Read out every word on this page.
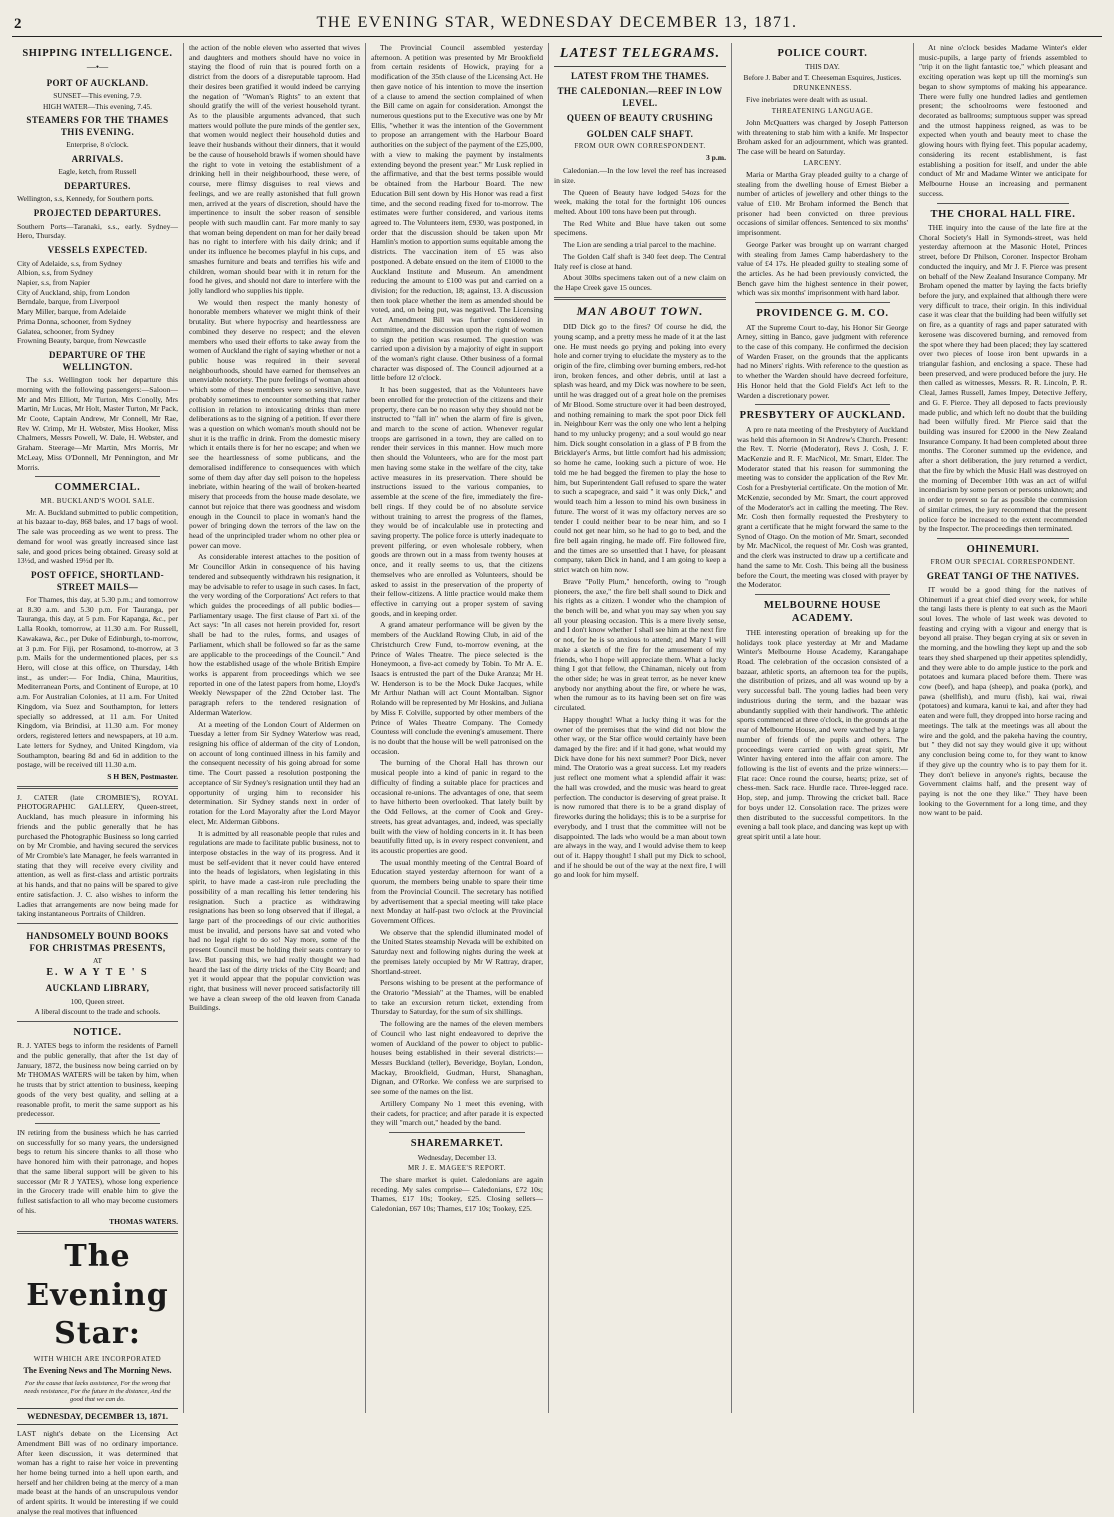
2	THE EVENING STAR, WEDNESDAY DECEMBER 13, 1871.
SHIPPING INTELLIGENCE.
—•—
PORT OF AUCKLAND.
SUNSET—This evening, 7.9.
HIGH WATER—This evening, 7.45.
STEAMERS FOR THE THAMES THIS EVENING.
Enterprise, 8 o'clock.
ARRIVALS.
Eagle, ketch, from Russell
DEPARTURES.

Wellington, s.s, Kennedy, for Southern ports.

PROJECTED DEPARTURES.

Southern Ports—Taranaki, s.s., early. Sydney—Hero, Thursday.

VESSELS EXPECTED.
City of Adelaide, s.s, from Sydney
Albion, s.s, from Sydney
Napier, s.s, from Napier
City of Auckland, ship, from London
Berndale, barque, from Liverpool
Mary Miller, barque, from Adelaide
Prima Donna, schooner, from Sydney
Galatea, schooner, from Sydney
Frowning Beauty, barque, from Newcastle
DEPARTURE OF THE WELLINGTON.

The s.s. Wellington took her departure this morning with the following passengers:—Saloon—Mr and Mrs Elliott, Mr Turton, Mrs Conolly, Mrs Martin, Mr Lucas, Mr Holt, Master Turton, Mr Pack, Mr Coote, Captain Andrew, Mr Connell, Mr Rae, Rev W. Crimp, Mr H. Webster, Miss Hooker, Miss Chalmers, Messrs Powell, W. Dale, H. Webster, and Graham. Steerage—Mr Martin, Mrs Morris, Mr McLeay, Miss O'Donnell, Mr Pennington, and Mr Morris.

COMMERCIAL.
MR. BUCKLAND'S WOOL SALE.

Mr. A. Buckland submitted to public competition, at his bazaar to-day, 868 bales, and 17 bags of wool. The sale was proceeding as we went to press. The demand for wool was greatly increased since last sale, and good prices being obtained. Greasy sold at 13½d, and washed 19½d per lb.

POST OFFICE, SHORTLAND-STREET MAILS—

For Thames, this day, at 5.30 p.m.; and tomorrow at 8.30 a.m. and 5.30 p.m. For Tauranga, per Tauranga, this day, at 5 p.m. For Kapanga, &c., per Lalla Rookh, tomorrow, at 11.30 a.m. For Russell, Kawakawa, &c., per Duke of Edinburgh, to-morrow, at 3 p.m. For Fiji, per Rosamond, to-morrow, at 3 p.m. Mails for the undermentioned places, per s.s Hero, will close at this office, on Thursday, 14th inst., as under:— For India, China, Mauritius, Mediterranean Ports, and Continent of Europe, at 10 a.m. For Australian Colonies, at 11 a.m. For United Kingdom, via Suez and Southampton, for letters specially so addressed, at 11 a.m. For United Kingdom, via Brindisi, at 11.30 a.m. For money orders, registered letters and newspapers, at 10 a.m. Late letters for Sydney, and United Kingdom, via Southampton, bearing 8d and 6d in addition to the postage, will be received till 11.30 a.m.

S H BEN, Postmaster.

J. CATER (late CROMBIE'S), ROYAL PHOTOGRAPHIC GALLERY, Queen-street, Auckland, has much pleasure in informing his friends and the public generally that he has purchased the Photographic Business so long carried on by Mr Crombie, and having secured the services of Mr Crombie's late Manager, he feels warranted in stating that they will receive every civility and attention, as well as first-class and artistic portraits at his hands, and that no pains will be spared to give entire satisfaction. J. C. also wishes to inform the Ladies that arrangements are now being made for taking instantaneous Portraits of Children.

HANDSOMELY BOUND BOOKS FOR CHRISTMAS PRESENTS,
AT
E. W A Y T E ' S
AUCKLAND LIBRARY,
100, Queen street.
A liberal discount to the trade and schools.
NOTICE.

R. J. YATES begs to inform the residents of Parnell and the public generally, that after the 1st day of January, 1872, the business now being carried on by Mr THOMAS WATERS will be taken by him, when he trusts that by strict attention to business, keeping goods of the very best quality, and selling at a reasonable profit, to merit the same support as his predecessor.

IN retiring from the business which he has carried on successfully for so many years, the undersigned begs to return his sincere thanks to all those who have honored him with their patronage, and hopes that the same liberal support will be given to his successor (Mr R J YATES), whose long experience in the Grocery trade will enable him to give the fullest satisfaction to all who may become customers of his.

THOMAS WATERS.
The Evening Star:
WITH WHICH ARE INCORPORATED
The Evening News and The Morning News.
For the cause that lacks assistance, For the wrong that needs resistance, For the future in the distance, And the good that we can do.
WEDNESDAY, DECEMBER 13, 1871.

LAST night's debate on the Licensing Act Amendment Bill was of no ordinary importance. After keen discussion, it was determined that woman has a right to raise her voice in preventing her home being turned into a hell upon earth, and herself and her children being at the mercy of a man made beast at the hands of an unscrupulous vendor of ardent spirits. It would be interesting if we could analyse the real motives that influenced

the action of the noble eleven who asserted that wives and daughters and mothers should have no voice in staying the flood of ruin that is poured forth on a district from the doors of a disreputable taproom. Had their desires been gratified it would indeed be carrying the negation of "Woman's Rights" to an extent that should gratify the will of the veriest household tyrant. As to the plausible arguments advanced, that such matters would pollute the pure minds of the gentler sex, that women would neglect their household duties and leave their husbands without their dinners, that it would be the cause of household brawls if women should have the right to vote in vetoing the establishment of a drinking hell in their neighbourhood, these were, of course, mere flimsy disguises to real views and feelings, and we are really astonished that full grown men, arrived at the years of discretion, should have the impertinence to insult the sober reason of sensible people with such maudlin cant. Far more manly to say that woman being dependent on man for her daily bread has no right to interfere with his daily drink; and if under its influence he becomes playful in his cups, and smashes furniture and beats and terrifies his wife and children, woman should bear with it in return for the food he gives, and should not dare to interfere with the jolly landlord who supplies his tipple.

We would then respect the manly honesty of honorable members whatever we might think of their brutality. But where hypocrisy and heartlessness are combined they deserve no respect; and the eleven members who used their efforts to take away from the women of Auckland the right of saying whether or not a public house was required in their several neighbourhoods, should have earned for themselves an unenviable notoriety. The pure feelings of woman about which some of these members were so sensitive, have probably sometimes to encounter something that rather collision in relation to intoxicating drinks than mere deliberations as to the signing of a petition. If ever there was a question on which woman's mouth should not be shut it is the traffic in drink. From the domestic misery which it entails there is for her no escape; and when we see the heartlessness of some publicans, and the demoralised indifference to consequences with which some of them day after day sell poison to the hopeless inebriate, within hearing of the wail of broken-hearted misery that proceeds from the house made desolate, we cannot but rejoice that there was goodness and wisdom enough in the Council to place in woman's hand the power of bringing down the terrors of the law on the head of the unprincipled trader whom no other plea or power can move.

As considerable interest attaches to the position of Mr Councillor Atkin in consequence of his having tendered and subsequently withdrawn his resignation, it may be advisable to refer to usage in such cases. In fact, the very wording of the Corporations' Act refers to that which guides the proceedings of all public bodies—Parliamentary usage. The first clause of Part xi. of the Act says: "In all cases not herein provided for, resort shall be had to the rules, forms, and usages of Parliament, which shall be followed so far as the same are applicable to the proceedings of the Council." And how the established usage of the whole British Empire works is apparent from proceedings which we see reported in one of the latest papers from home, Lloyd's Weekly Newspaper of the 22nd October last. The paragraph refers to the tendered resignation of Alderman Waterlow.

At a meeting of the London Court of Aldermen on Tuesday a letter from Sir Sydney Waterlow was read, resigning his office of alderman of the city of London, on account of long continued illness in his family and the consequent necessity of his going abroad for some time. The Court passed a resolution postponing the acceptance of Sir Sydney's resignation until they had an opportunity of urging him to reconsider his determination. Sir Sydney stands next in order of rotation for the Lord Mayoralty after the Lord Mayor elect, Mr. Alderman Gibbons.

It is admitted by all reasonable people that rules and regulations are made to facilitate public business, not to interpose obstacles in the way of its progress. And it must be self-evident that it never could have entered into the heads of legislators, when legislating in this spirit, to have made a cast-iron rule precluding the possibility of a man recalling his letter tendering his resignation. Such a practice as withdrawing resignations has been so long observed that if illegal, a large part of the proceedings of our civic authorities must be invalid, and persons have sat and voted who had no legal right to do so! Nay more, some of the present Council must be holding their seats contrary to law. But passing this, we had really thought we had heard the last of the dirty tricks of the City Board; and yet it would appear that the popular conviction was right, that business will never proceed satisfactorily till we have a clean sweep of the old leaven from Canada Buildings.

The Provincial Council assembled yesterday afternoon. A petition was presented by Mr Brookfield from certain residents of Howick, praying for a modification of the 35th clause of the Licensing Act. He then gave notice of his intention to move the insertion of a clause to amend the section complained of when the Bill came on again for consideration. Amongst the numerous questions put to the Executive was one by Mr Ellis, "whether it was the intention of the Government to propose an arrangement with the Harbour Board authorities on the subject of the payment of the £25,000, with a view to making the payment by instalments extending beyond the present year." Mr Lusk replied in the affirmative, and that the best terms possible would be obtained from the Harbour Board. The new Education Bill sent down by His Honor was read a first time, and the second reading fixed for to-morrow. The estimates were further considered, and various items agreed to. The Volunteers item, £930, was postponed, in order that the discussion should be taken upon Mr Hamlin's motion to apportion sums equitable among the districts. The vaccination item of £5 was also postponed. A debate ensued on the item of £1000 to the Auckland Institute and Museum. An amendment reducing the amount to £100 was put and carried on a division; for the reduction, 18; against, 13. A discussion then took place whether the item as amended should be voted, and, on being put, was negatived. The Licensing Act Amendment Bill was further considered in committee, and the discussion upon the right of women to sign the petition was resumed. The question was carried upon a division by a majority of eight in support of the woman's right clause. Other business of a formal character was disposed of. The Council adjourned at a little before 12 o'clock.

It has been suggested, that as the Volunteers have been enrolled for the protection of the citizens and their property, there can be no reason why they should not be instructed to "fall in" when the alarm of fire is given, and march to the scene of action. Whenever regular troops are garrisoned in a town, they are called on to render their services in this manner. How much more then should the Volunteers, who are for the most part men having some stake in the welfare of the city, take active measures in its preservation. There should be instructions issued to the various companies, to assemble at the scene of the fire, immediately the fire-bell rings. If they could be of no absolute service without training to arrest the progress of the flames, they would be of incalculable use in protecting and saving property. The police force is utterly inadequate to prevent pilfering, or even wholesale robbery, when goods are thrown out in a mass from twenty houses at once, and it really seems to us, that the citizens themselves who are enrolled as Volunteers, should be asked to assist in the preservation of the property of their fellow-citizens. A little practice would make them effective in carrying out a proper system of saving goods, and in keeping order.

A grand amateur performance will be given by the members of the Auckland Rowing Club, in aid of the Christchurch Crew Fund, to-morrow evening, at the Prince of Wales Theatre. The piece selected is the Honeymoon, a five-act comedy by Tobin. To Mr A. E. Isaacs is entrusted the part of the Duke Aranza; Mr H. W. Henderson is to be the Mock Duke Jacques, while Mr Arthur Nathan will act Count Montalban. Signor Rolando will be represented by Mr Hoskins, and Juliana by Miss F. Colville, supported by other members of the Prince of Wales Theatre Company. The Comedy Countess will conclude the evening's amusement. There is no doubt that the house will be well patronised on the occasion.

The burning of the Choral Hall has thrown our musical people into a kind of panic in regard to the difficulty of finding a suitable place for practices and occasional re-unions. The advantages of one, that seem to have hitherto been overlooked. That lately built by the Odd Fellows, at the corner of Cook and Grey-streets, has great advantages, and, indeed, was specially built with the view of holding concerts in it. It has been beautifully fitted up, is in every respect convenient, and its acoustic properties are good.

The usual monthly meeting of the Central Board of Education stayed yesterday afternoon for want of a quorum, the members being unable to spare their time from the Provincial Council. The secretary has notified by advertisement that a special meeting will take place next Monday at half-past two o'clock at the Provincial Government Offices.

We observe that the splendid illuminated model of the United States steamship Nevada will be exhibited on Saturday next and following nights during the week at the premises lately occupied by Mr W Rattray, draper, Shortland-street.

Persons wishing to be present at the performance of the Oratorio "Messiah" at the Thames, will be enabled to take an excursion return ticket, extending from Thursday to Saturday, for the sum of six shillings.

The following are the names of the eleven members of Council who last night endeavored to deprive the women of Auckland of the power to object to public-houses being established in their several districts:—Messrs Buckland (teller), Beveridge, Boylan, London, Mackay, Brookfield, Gudman, Hurst, Shanaghan, Dignan, and O'Rorke. We confess we are surprised to see some of the names on the list.

Artillery Company No 1 meet this evening, with their cadets, for practice; and after parade it is expected they will "march out," headed by the band.

SHAREMARKET.
Wednesday, December 13.
MR J. E. MAGEE'S REPORT.

The share market is quiet. Caledonians are again receding. My sales comprise— Caledonians, £72 10s; Thames, £17 10s; Tookey, £25. Closing sellers—Caledonian, £67 10s; Thames, £17 10s; Tookey, £25.

LATEST TELEGRAMS.
LATEST FROM THE THAMES.
THE CALEDONIAN.—REEF IN LOW LEVEL.
QUEEN OF BEAUTY CRUSHING
GOLDEN CALF SHAFT.
FROM OUR OWN CORRESPONDENT.
3 p.m.

Caledonian.—In the low level the reef has increased in size.

The Queen of Beauty have lodged 54ozs for the week, making the total for the fortnight 106 ounces melted. About 100 tons have been put through.

The Red White and Blue have taken out some specimens.

The Lion are sending a trial parcel to the machine.

The Golden Calf shaft is 340 feet deep. The Central Italy reef is close at hand.

About 30lbs specimens taken out of a new claim on the Hape Creek gave 15 ounces.

MAN ABOUT TOWN.

DID Dick go to the fires? Of course he did, the young scamp, and a pretty mess he made of it at the last one. He must needs go prying and poking into every hole and corner trying to elucidate the mystery as to the origin of the fire, climbing over burning embers, red-hot iron, broken fences, and other debris, until at last a splash was heard, and my Dick was nowhere to be seen, until he was dragged out of a great hole on the premises of Mr Blood. Some structure over it had been destroyed, and nothing remaining to mark the spot poor Dick fell in. Neighbour Kerr was the only one who lent a helping hand to my unlucky progeny; and a soul would go near him. Dick sought consolation in a glass of P B from the Bricklayer's Arms, but little comfort had his admission; so home he came, looking such a picture of woe. He told me he had begged the firemen to play the hose to him, but Superintendent Gall refused to spare the water to such a scapegrace, and said " it was only Dick," and would teach him a lesson to mind his own business in future. The worst of it was my olfactory nerves are so tender I could neither bear to be near him, and so I could not get near him, so he had to go to bed, and the fire bell again ringing, he made off. Fire followed fire, and the times are so unsettled that I have, for pleasant company, taken Dick in hand, and I am going to keep a strict watch on him now.

Brave "Polly Plum," henceforth, owing to "rough pioneers, the axe," the fire bell shall sound to Dick and his rights as a citizen. I wonder who the champion of the bench will be, and what you may say when you say all your pleasing occasion. This is a mere lively sense, and I don't know whether I shall see him at the next fire or not, for he is so anxious to attend; and Mary I will make a sketch of the fire for the amusement of my friends, who I hope will appreciate them. What a lucky thing I got that fellow, the Chinaman, nicely out from the other side; he was in great terror, as he never knew anybody nor anything about the fire, or where he was, when the rumour as to its having been set on fire was circulated.

Happy thought! What a lucky thing it was for the owner of the premises that the wind did not blow the other way, or the Star office would certainly have been damaged by the fire: and if it had gone, what would my Dick have done for his next summer? Poor Dick, never mind. The Oratorio was a great success. Let my readers just reflect one moment what a splendid affair it was: the hall was crowded, and the music was heard to great perfection. The conductor is deserving of great praise. It is now rumored that there is to be a grand display of fireworks during the holidays; this is to be a surprise for everybody, and I trust that the committee will not be disappointed. The lads who would be a man about town are always in the way, and I would advise them to keep out of it. Happy thought! I shall put my Dick to school, and if he should be out of the way at the next fire, I will go and look for him myself.

POLICE COURT.
THIS DAY.
Before J. Baber and T. Cheeseman Esquires, Justices.
DRUNKENNESS.

Five inebriates were dealt with as usual.

THREATENING LANGUAGE.

John McQuatters was charged by Joseph Patterson with threatening to stab him with a knife. Mr Inspector Broham asked for an adjournment, which was granted. The case will be heard on Saturday.

LARCENY.

Maria or Martha Gray pleaded guilty to a charge of stealing from the dwelling house of Ernest Bieber a number of articles of jewellery and other things to the value of £10. Mr Broham informed the Bench that prisoner had been convicted on three previous occasions of similar offences. Sentenced to six months' imprisonment.

George Parker was brought up on warrant charged with stealing from James Camp haberdashery to the value of £4 17s. He pleaded guilty to stealing some of the articles. As he had been previously convicted, the Bench gave him the highest sentence in their power, which was six months' imprisonment with hard labor.

PROVIDENCE G. M. CO.

AT the Supreme Court to-day, his Honor Sir George Arney, sitting in Banco, gave judgment with reference to the case of this company. He confirmed the decision of Warden Fraser, on the grounds that the applicants had no Miners' rights. With reference to the question as to whether the Warden should have decreed forfeiture, His Honor held that the Gold Field's Act left to the Warden a discretionary power.

PRESBYTERY OF AUCKLAND.

A pro re nata meeting of the Presbytery of Auckland was held this afternoon in St Andrew's Church. Present: the Rev. T. Norrie (Moderator), Revs J. Cosh, J. F. MacKenzie and R. F. MacNicol, Mr. Smart, Elder. The Moderator stated that his reason for summoning the meeting was to consider the application of the Rev Mr. Cosh for a Presbyterial certificate. On the motion of Mr. McKenzie, seconded by Mr. Smart, the court approved of the Moderator's act in calling the meeting. The Rev. Mr. Cosh then formally requested the Presbytery to grant a certificate that he might forward the same to the Synod of Otago. On the motion of Mr. Smart, seconded by Mr. MacNicol, the request of Mr. Cosh was granted, and the clerk was instructed to draw up a certificate and hand the same to Mr. Cosh. This being all the business before the Court, the meeting was closed with prayer by the Moderator.

MELBOURNE HOUSE ACADEMY.

THE interesting operation of breaking up for the holidays took place yesterday at Mr and Madame Winter's Melbourne House Academy, Karangahape Road. The celebration of the occasion consisted of a bazaar, athletic sports, an afternoon tea for the pupils, the distribution of prizes, and all was wound up by a very successful ball. The young ladies had been very industrious during the term, and the bazaar was abundantly supplied with their handiwork. The athletic sports commenced at three o'clock, in the grounds at the rear of Melbourne House, and were watched by a large number of friends of the pupils and others. The proceedings were carried on with great spirit, Mr Winter having entered into the affair con amore. The following is the list of events and the prize winners:—Flat race: Once round the course, hearts; prize, set of chess-men. Sack race. Hurdle race. Three-legged race. Hop, step, and jump. Throwing the cricket ball. Race for boys under 12. Consolation race. The prizes were then distributed to the successful competitors. In the evening a ball took place, and dancing was kept up with great spirit until a late hour.

At nine o'clock besides Madame Winter's elder music-pupils, a large party of friends assembled to "trip it on the light fantastic toe," which pleasant and exciting operation was kept up till the morning's sun began to show symptoms of making his appearance. There were fully one hundred ladies and gentlemen present; the schoolrooms were festooned and decorated as ballrooms; sumptuous supper was spread and the utmost happiness reigned, as was to be expected when youth and beauty meet to chase the glowing hours with flying feet. This popular academy, considering its recent establishment, is fast establishing a position for itself, and under the able conduct of Mr and Madame Winter we anticipate for Melbourne House an increasing and permanent success.

THE CHORAL HALL FIRE.

THE inquiry into the cause of the late fire at the Choral Society's Hall in Symonds-street, was held yesterday afternoon at the Masonic Hotel, Princes street, before Dr Philson, Coroner. Inspector Broham conducted the inquiry, and Mr J. F. Pierce was present on behalf of the New Zealand Insurance Company. Mr Broham opened the matter by laying the facts briefly before the jury, and explained that although there were very difficult to trace, their origin. In this individual case it was clear that the building had been wilfully set on fire, as a quantity of rags and paper saturated with kerosene was discovered burning, and removed from the spot where they had been placed; they lay scattered over two pieces of loose iron bent upwards in a triangular fashion, and enclosing a space. These had been preserved, and were produced before the jury. He then called as witnesses, Messrs. R. R. Lincoln, P. R. Cleal, James Russell, James Impey, Detective Jeffery, and G. F. Pierce. They all deposed to facts previously made public, and which left no doubt that the building had been wilfully fired. Mr Pierce said that the building was insured for £2000 in the New Zealand Insurance Company. It had been completed about three months. The Coroner summed up the evidence, and after a short deliberation, the jury returned a verdict, that the fire by which the Music Hall was destroyed on the morning of December 10th was an act of wilful incendiarism by some person or persons unknown; and in order to prevent so far as possible the commission of similar crimes, the jury recommend that the present police force be increased to the extent recommended by the Inspector. The proceedings then terminated.

OHINEMURI.
FROM OUR SPECIAL CORRESPONDENT.
GREAT TANGI OF THE NATIVES.

IT would be a good thing for the natives of Ohinemuri if a great chief died every week, for while the tangi lasts there is plenty to eat such as the Maori soul loves. The whole of last week was devoted to feasting and crying with a vigour and energy that is beyond all praise. They began crying at six or seven in the morning, and the howling they kept up and the sob tears they shed sharpened up their appetites splendidly, and they were able to do ample justice to the pork and potatoes and kumara placed before them. There was cow (beef), and hapa (sheep), and poaka (pork), and pawa (shellfish), and muru (fish), kai wai, riwai (potatoes) and kumara, kanui te kai, and after they had eaten and were full, they dropped into horse racing and meetings. The talk at the meetings was all about the wire and the gold, and the pakeha having the country, but " they did not say they would give it up; without any conclusion being come to, for they want to know if they give up the country who is to pay them for it. They don't believe in anyone's rights, because the Government claims half, and the present way of paying is not the one they like." They have been looking to the Government for a long time, and they now want to be paid.
